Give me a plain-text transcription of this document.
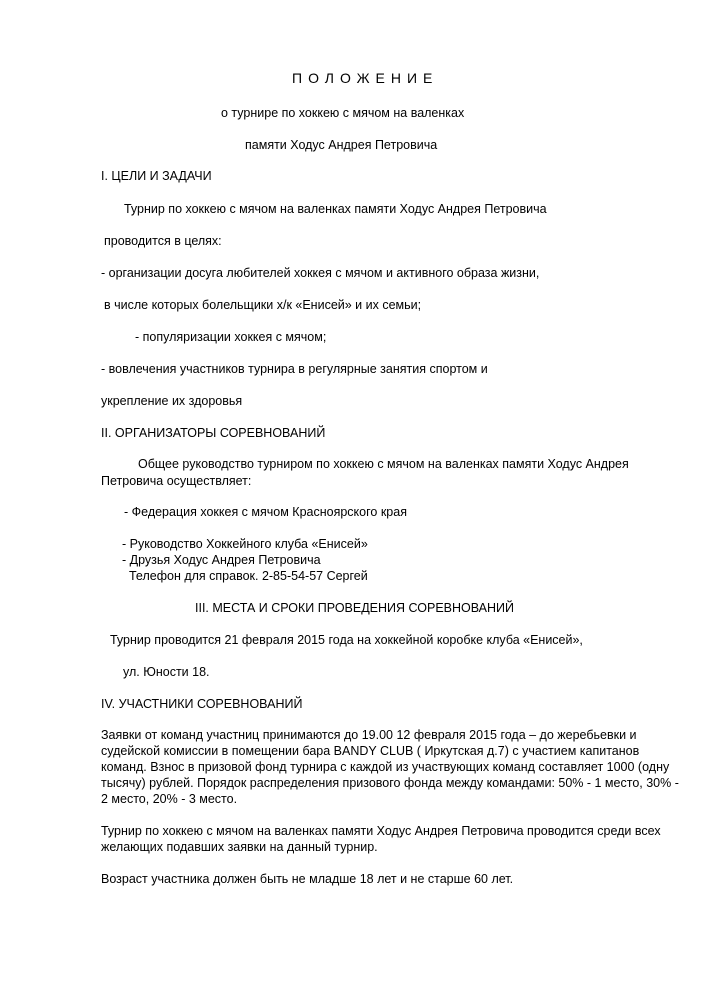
ПОЛОЖЕНИЕ
о турнире по хоккею с мячом на валенках
памяти Ходус Андрея Петровича
I. ЦЕЛИ И ЗАДАЧИ
Турнир по хоккею с мячом на валенках памяти Ходус Андрея Петровича
проводится в целях:
- организации досуга любителей хоккея с мячом и активного образа жизни,
в числе которых болельщики х/к «Енисей» и их семьи;
- популяризации хоккея с мячом;
- вовлечения участников турнира в регулярные занятия спортом и
укрепление их здоровья
II. ОРГАНИЗАТОРЫ СОРЕВНОВАНИЙ
Общее руководство турниром по хоккею с мячом на валенках памяти Ходус Андрея
Петровича осуществляет:
- Федерация хоккея с мячом Красноярского края
- Руководство Хоккейного клуба «Енисей»
- Друзья Ходус Андрея Петровича
Телефон для справок. 2-85-54-57 Сергей
III. МЕСТА И СРОКИ ПРОВЕДЕНИЯ СОРЕВНОВАНИЙ
Турнир проводится 21 февраля 2015 года на хоккейной коробке клуба «Енисей»,
ул. Юности 18.
IV. УЧАСТНИКИ СОРЕВНОВАНИЙ
Заявки от команд участниц принимаются до 19.00 12 февраля 2015 года – до жеребьевки и
судейской комиссии в помещении бара BANDY CLUB ( Иркутская д.7) с участием капитанов
команд. Взнос в призовой фонд турнира с каждой из участвующих команд составляет 1000 (одну
тысячу) рублей. Порядок распределения призового фонда между командами: 50% - 1 место, 30% -
2 место, 20% - 3 место.
Турнир по хоккею с мячом на валенках памяти Ходус Андрея Петровича проводится среди всех
желающих подавших заявки на данный турнир.
Возраст участника должен быть не младше 18 лет и не старше 60 лет.
